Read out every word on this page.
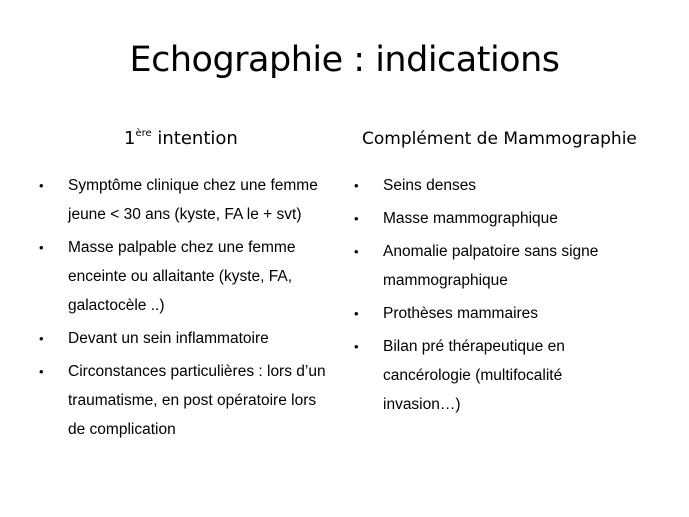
Echographie : indications
1ère intention	Complément de Mammographie
• Symptôme clinique chez une femme jeune < 30 ans (kyste, FA le + svt)
• Masse palpable chez une femme enceinte ou allaitante (kyste, FA, galactocèle ..)
• Devant un sein inflammatoire
• Circonstances particulières : lors d’un traumatisme, en post opératoire lors de complication
• Seins denses
• Masse mammographique
• Anomalie palpatoire sans signe mammographique
• Prothèses mammaires
• Bilan pré thérapeutique en cancérologie (multifocalité invasion…)
